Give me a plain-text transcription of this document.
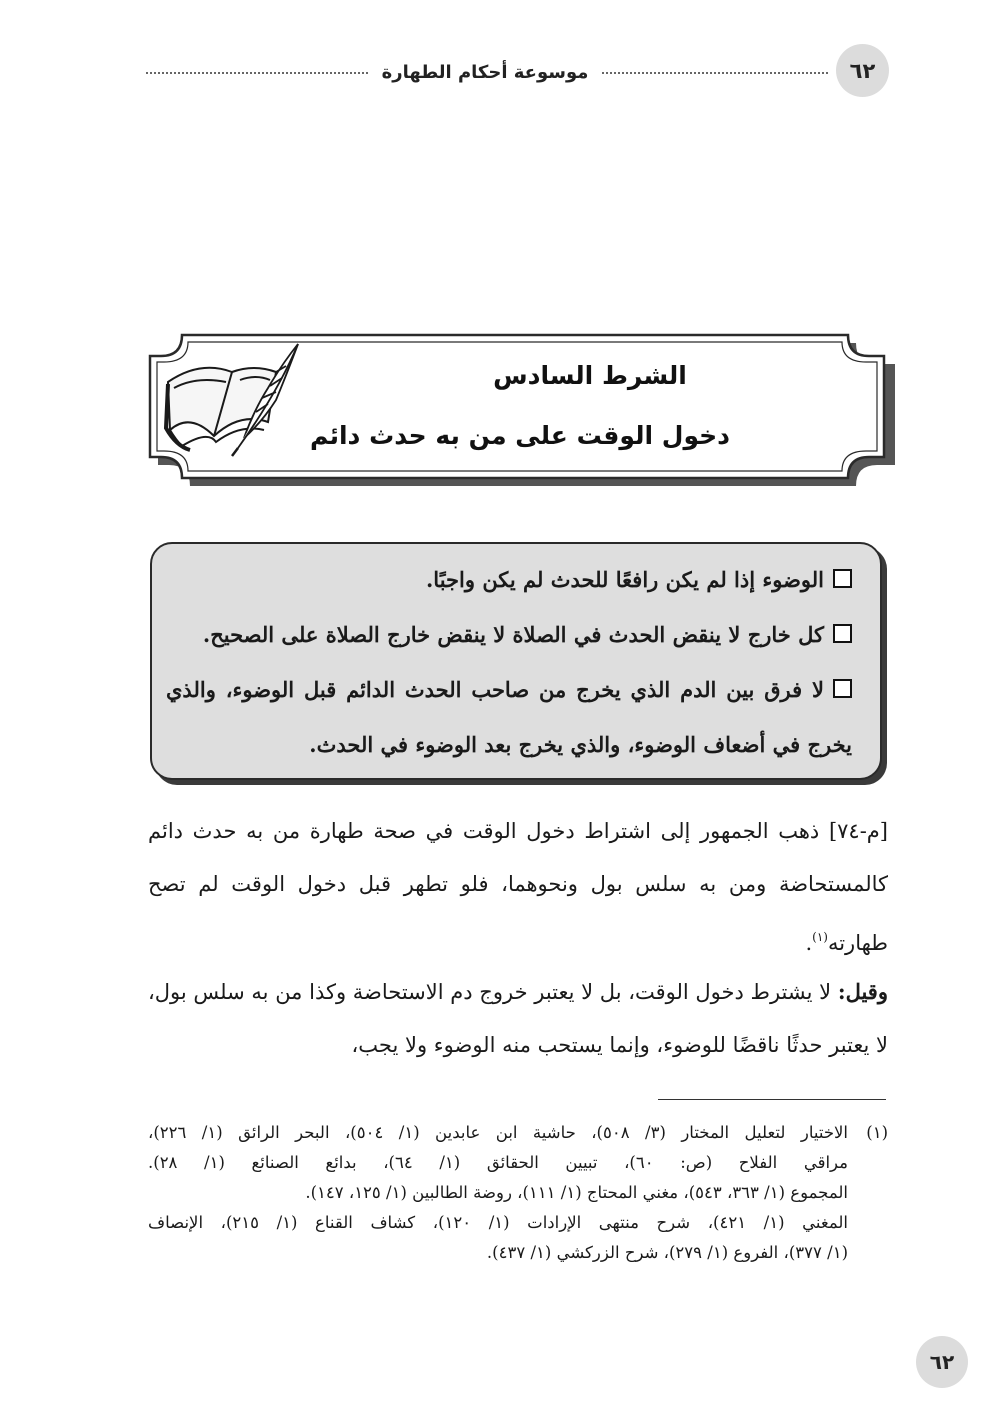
٦٢
موسوعة أحكام الطهارة
الشرط السادس
دخول الوقت على من به حدث دائم
الوضوء إذا لم يكن رافعًا للحدث لم يكن واجبًا.
كل خارج لا ينقض الحدث في الصلاة لا ينقض خارج الصلاة على الصحيح.
لا فرق بين الدم الذي يخرج من صاحب الحدث الدائم قبل الوضوء، والذي يخرج في أضعاف الوضوء، والذي يخرج بعد الوضوء في الحدث.
[م-٧٤] ذهب الجمهور إلى اشتراط دخول الوقت في صحة طهارة من به حدث دائم كالمستحاضة ومن به سلس بول ونحوهما، فلو تطهر قبل دخول الوقت لم تصح طهارته$^{(١)}$.
وقيل: لا يشترط دخول الوقت، بل لا يعتبر خروج دم الاستحاضة وكذا من به سلس بول، لا يعتبر حدثًا ناقضًا للوضوء، وإنما يستحب منه الوضوء ولا يجب،
(١)الاختيار لتعليل المختار (٣/ ٥٠٨)، حاشية ابن عابدين (١/ ٥٠٤)، البحر الرائق (١/ ٢٢٦)،
مراقي الفلاح (ص: ٦٠)، تبيين الحقائق (١/ ٦٤)، بدائع الصنائع (١/ ٢٨).
المجموع (١/ ٣٦٣، ٥٤٣)، مغني المحتاج (١/ ١١١)، روضة الطالبين (١/ ١٢٥، ١٤٧).
المغني (١/ ٤٢١)، شرح منتهى الإرادات (١/ ١٢٠)، كشاف القناع (١/ ٢١٥)، الإنصاف
(١/ ٣٧٧)، الفروع (١/ ٢٧٩)، شرح الزركشي (١/ ٤٣٧).
٦٢
